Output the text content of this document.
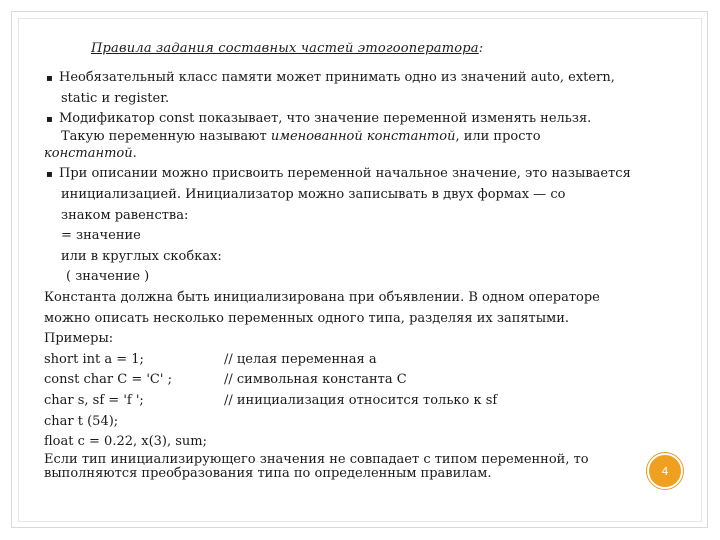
Правила задания составных частей этогооператора:
▪ Необязательный класс памяти может принимать одно из значений auto, extern,
static и register.
▪ Модификатор const показывает, что значение переменной изменять нельзя.
Такую переменную называют именованной константой, или просто
константой.
▪ При описании можно присвоить переменной начальное значение, это называется
инициализацией. Инициализатор можно записывать в двух формах — со
знаком равенства:
= значение
или в круглых скобках:
( значение )
Константа должна быть инициализирована при объявлении. В одном операторе
можно описать несколько переменных одного типа, разделяя их запятыми.
Примеры:
short int a = 1;	// целая переменная a
const char C = 'C' ;	// символьная константа С
char s, sf = 'f ';	// инициализация относится только к sf
char t (54);
float c = 0.22, x(3), sum;
Если тип инициализирующего значения не совпадает с типом переменной, то
выполняются преобразования типа по определенным правилам.	4
